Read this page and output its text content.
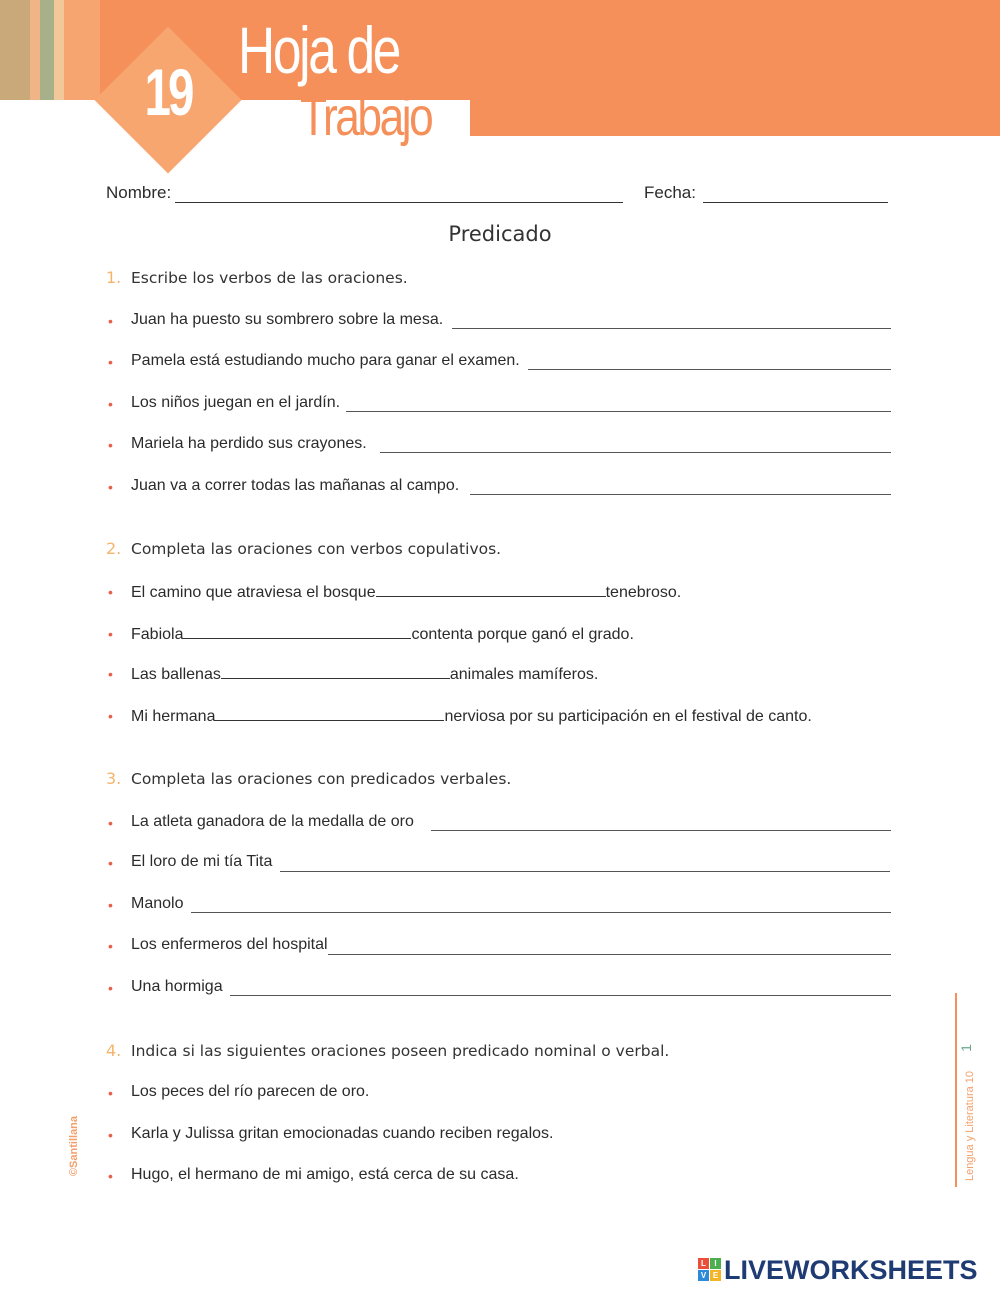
19
Hoja de
Trabajo
Nombre:	Fecha:
Predicado
1. Escribe los verbos de las oraciones.
• Juan ha puesto su sombrero sobre la mesa.
• Pamela está estudiando mucho para ganar el examen.
• Los niños juegan en el jardín.
• Mariela ha perdido sus crayones.
• Juan va a correr todas las mañanas al campo.
2. Completa las oraciones con verbos copulativos.
• El camino que atraviesa el bosque	tenebroso.
• Fabiola	contenta porque ganó el grado.
• Las ballenas	animales mamíferos.
• Mi hermana	nerviosa por su participación en el festival de canto.
3. Completa las oraciones con predicados verbales.
• La atleta ganadora de la medalla de oro
• El loro de mi tía Tita
• Manolo
• Los enfermeros del hospital
• Una hormiga
4. Indica si las siguientes oraciones poseen predicado nominal o verbal.
• Los peces del río parecen de oro.
• Karla y Julissa gritan emocionadas cuando reciben regalos.
• Hugo, el hermano de mi amigo, está cerca de su casa.
1
Lengua y Literatura 10
©Santillana
L	I
V E LIVEWORKSHEETS
